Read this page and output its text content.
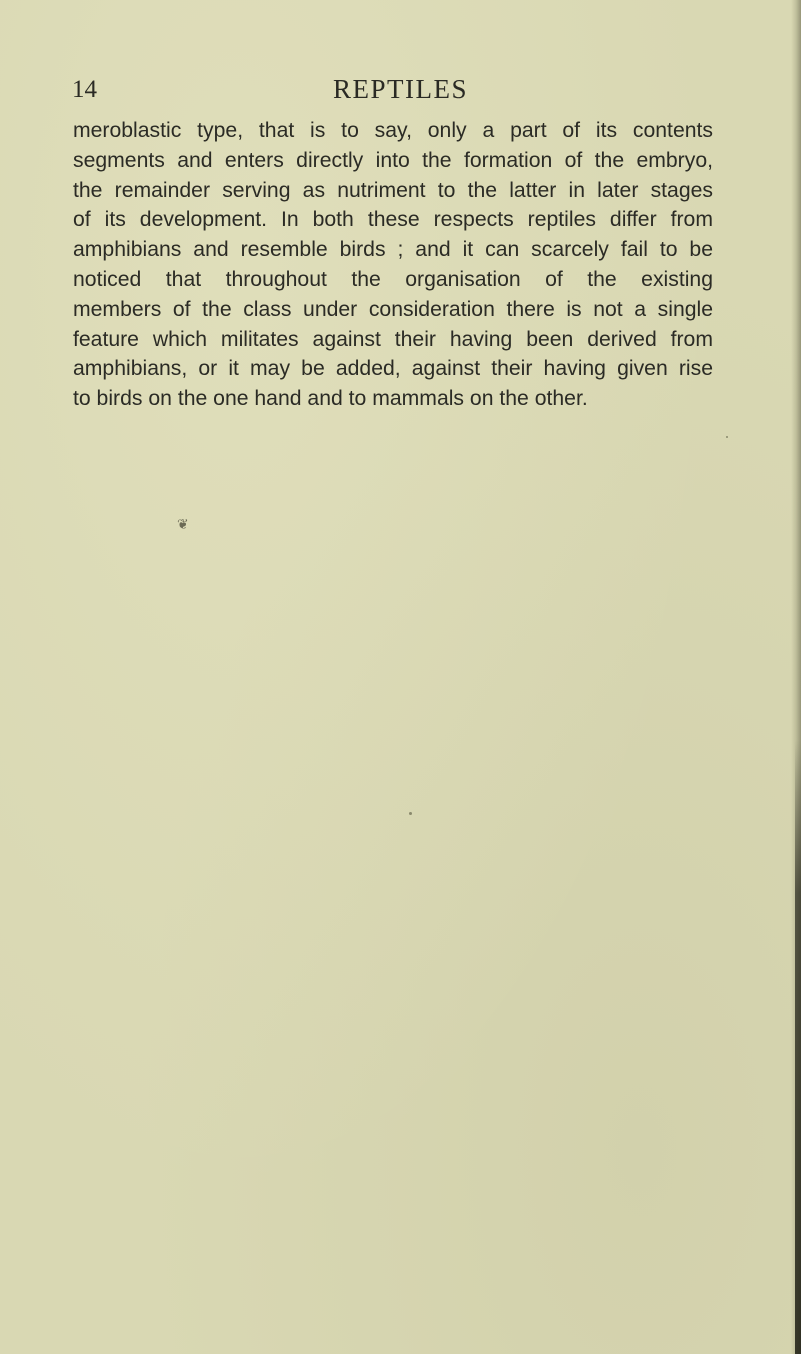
14	REPTILES
meroblastic type, that is to say, only a part of its contents
segments and enters directly into the formation of the embryo,
the remainder serving as nutriment to the latter in later stages
of its development. In both these respects reptiles differ from
amphibians and resemble birds ; and it can scarcely fail to be
noticed that throughout the organisation of the existing
members of the class under consideration there is not a single
feature which militates against their having been derived from
amphibians, or it may be added, against their having given rise
to birds on the one hand and to mammals on the other.
❦
